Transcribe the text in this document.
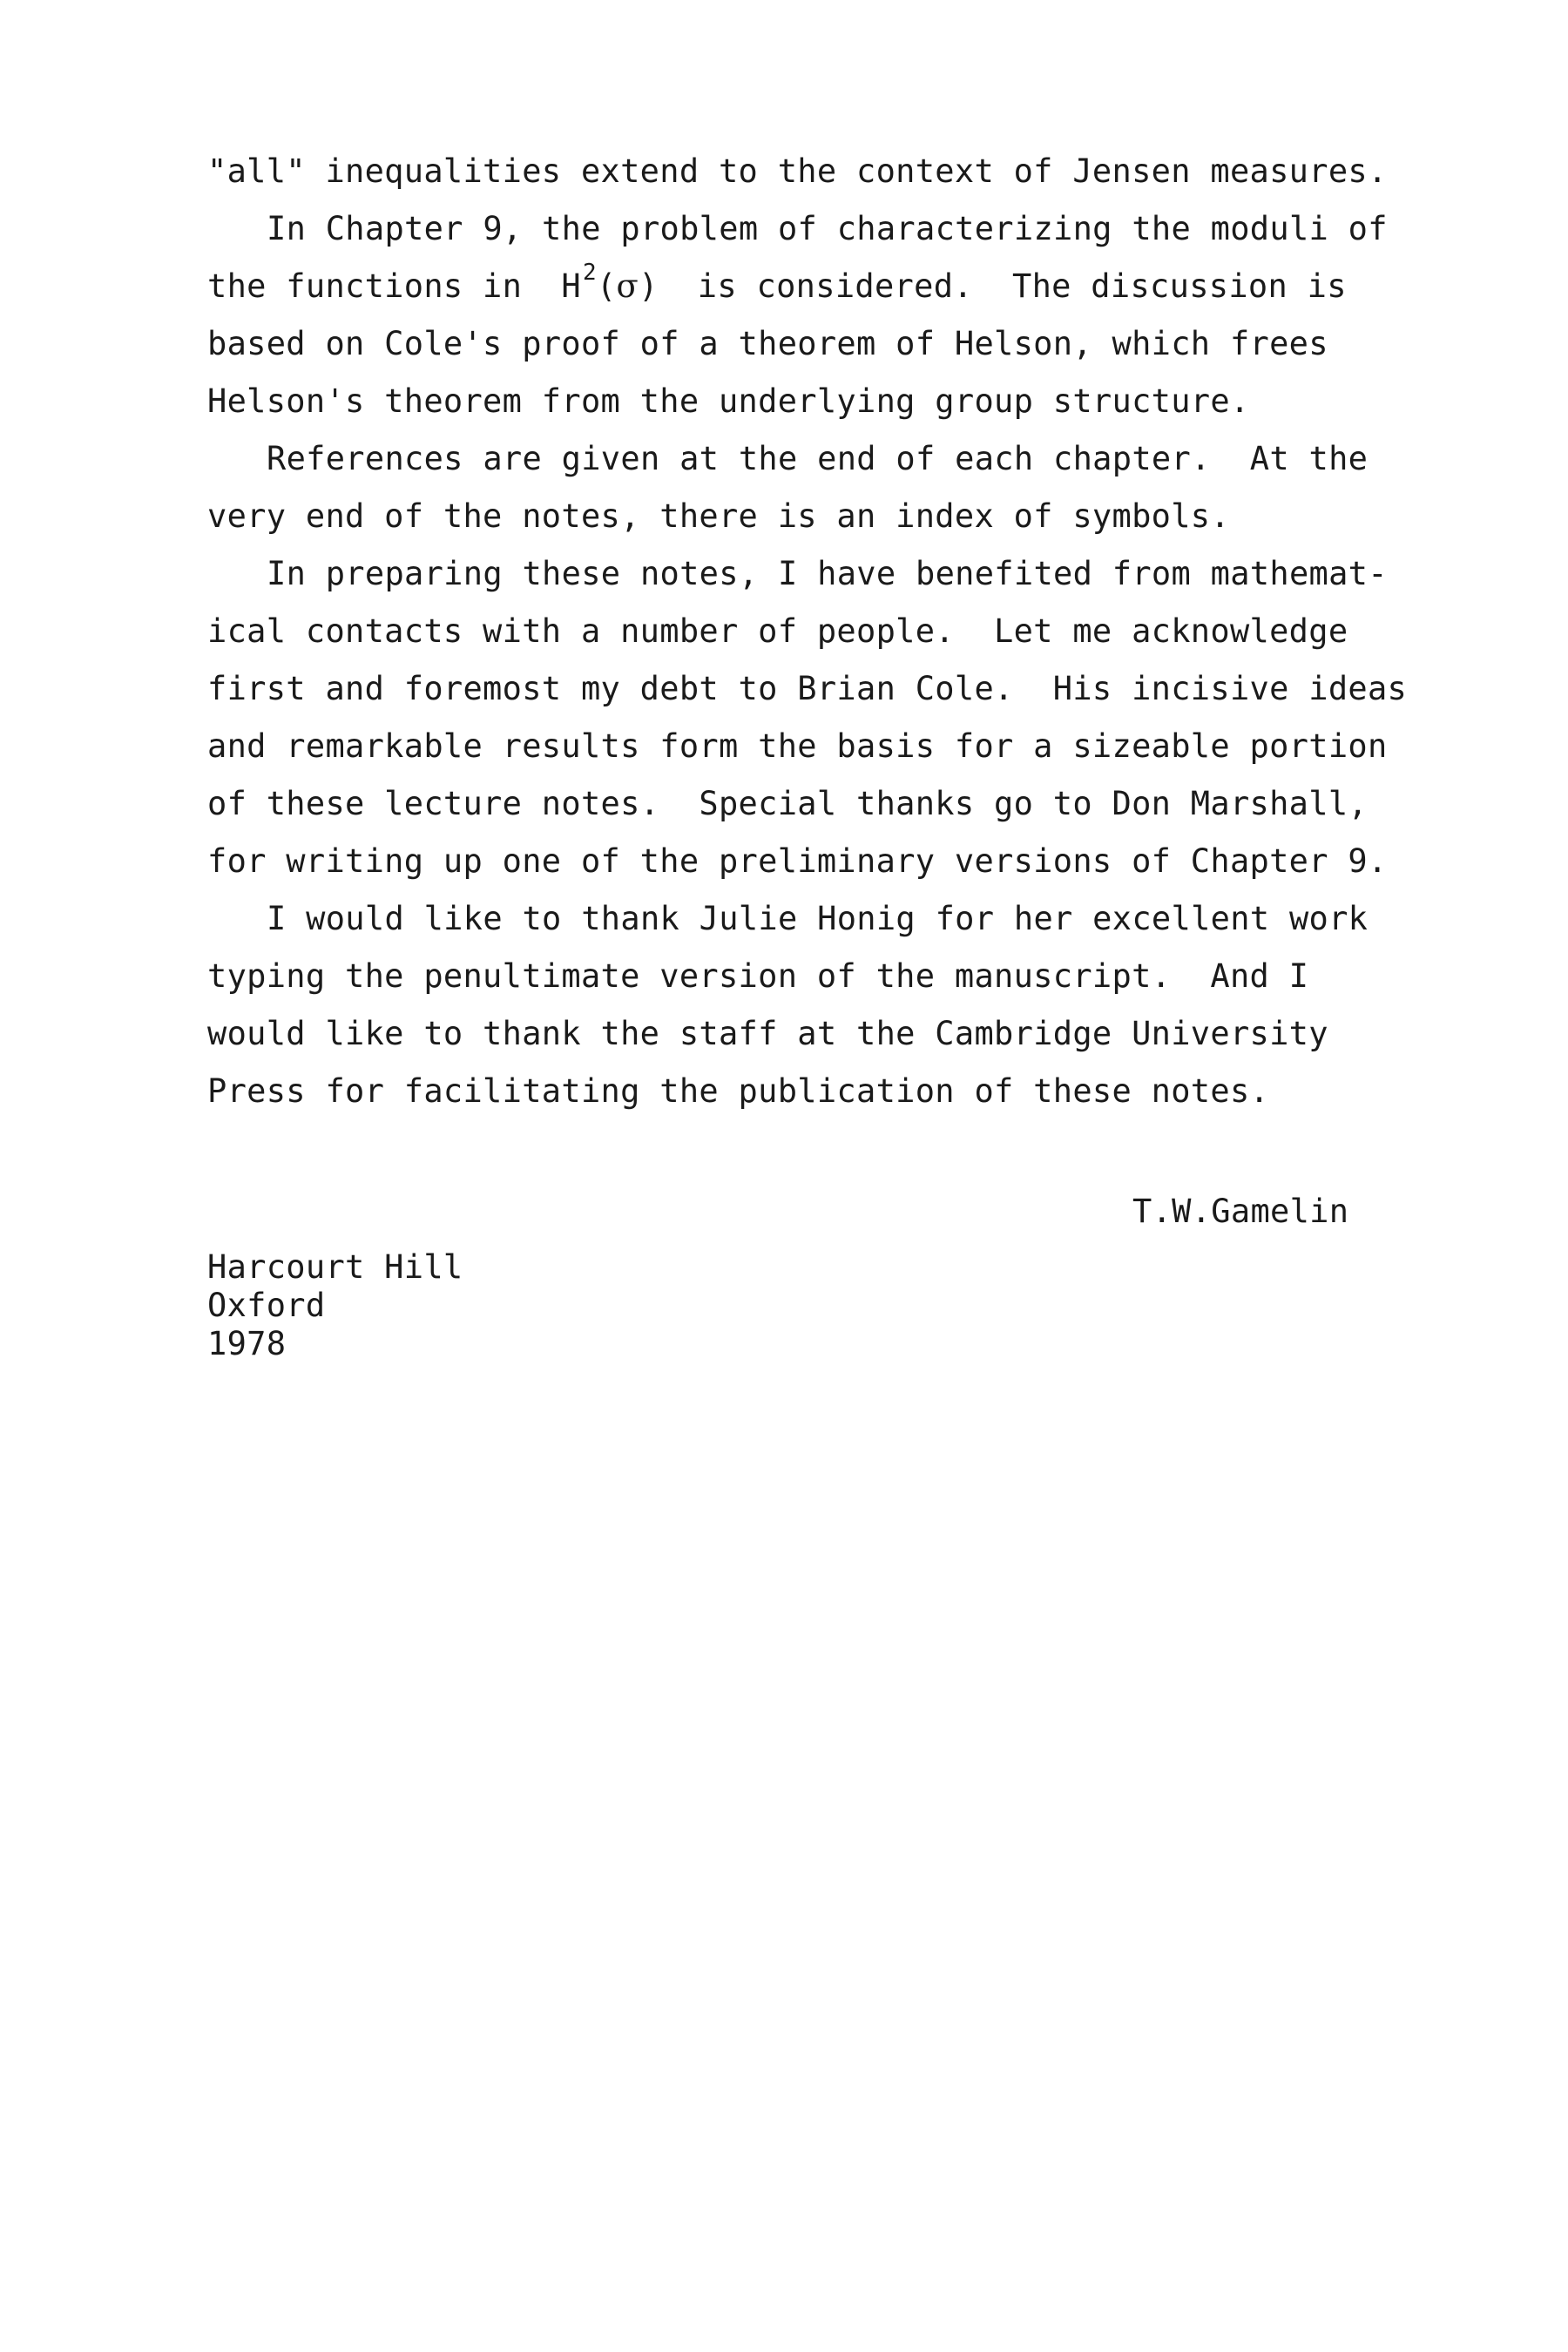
"all" inequalities extend to the context of Jensen measures.
In Chapter 9, the problem of characterizing the moduli of
the functions in  $H^2(\sigma)$  is considered.  The discussion is
based on Cole's proof of a theorem of Helson, which frees
Helson's theorem from the underlying group structure.
References are given at the end of each chapter.  At the
very end of the notes, there is an index of symbols.
In preparing these notes, I have benefited from mathemat-
ical contacts with a number of people.  Let me acknowledge
first and foremost my debt to Brian Cole.  His incisive ideas
and remarkable results form the basis for a sizeable portion
of these lecture notes.  Special thanks go to Don Marshall,
for writing up one of the preliminary versions of Chapter 9.
I would like to thank Julie Honig for her excellent work
typing the penultimate version of the manuscript.  And I
would like to thank the staff at the Cambridge University
Press for facilitating the publication of these notes.
T.W.Gamelin
Harcourt Hill
Oxford
1978
